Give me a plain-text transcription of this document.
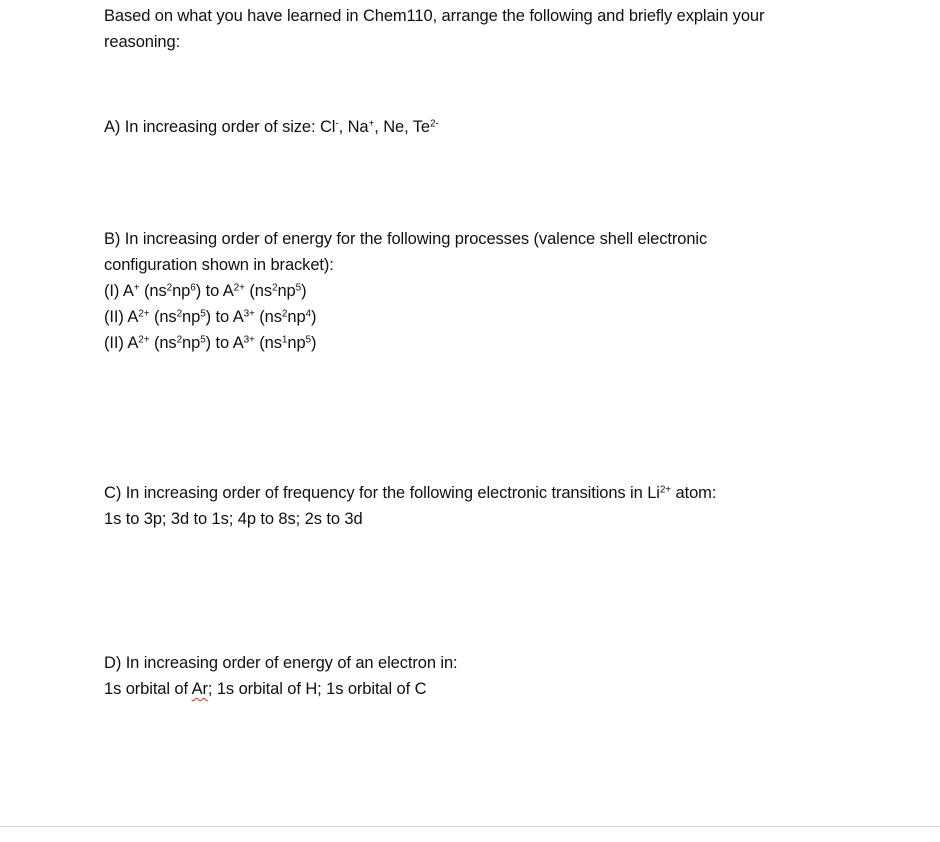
Based on what you have learned in Chem110, arrange the following and briefly explain your
reasoning:
A) In increasing order of size: Cl-, Na+, Ne, $Te^{2-}$
B) In increasing order of energy for the following processes (valence shell electronic
configuration shown in bracket):
(I) A+ $(ns^2np^6)$ to $A^{2+}$ $(ns^2np^5)$
(II) $A^{2+}$ $(ns^2np^5)$ to $A^{3+}$ $(ns^2np^4)$
(II) $A^{2+}$ $(ns^2np^5)$ to $A^{3+}$ $(ns^1np^5)$
C) In increasing order of frequency for the following electronic transitions in $Li^{2+}$ atom:
1s to 3p; 3d to 1s; 4p to 8s; 2s to 3d
D) In increasing order of energy of an electron in:
1s orbital of Ar; 1s orbital of H; 1s orbital of C
